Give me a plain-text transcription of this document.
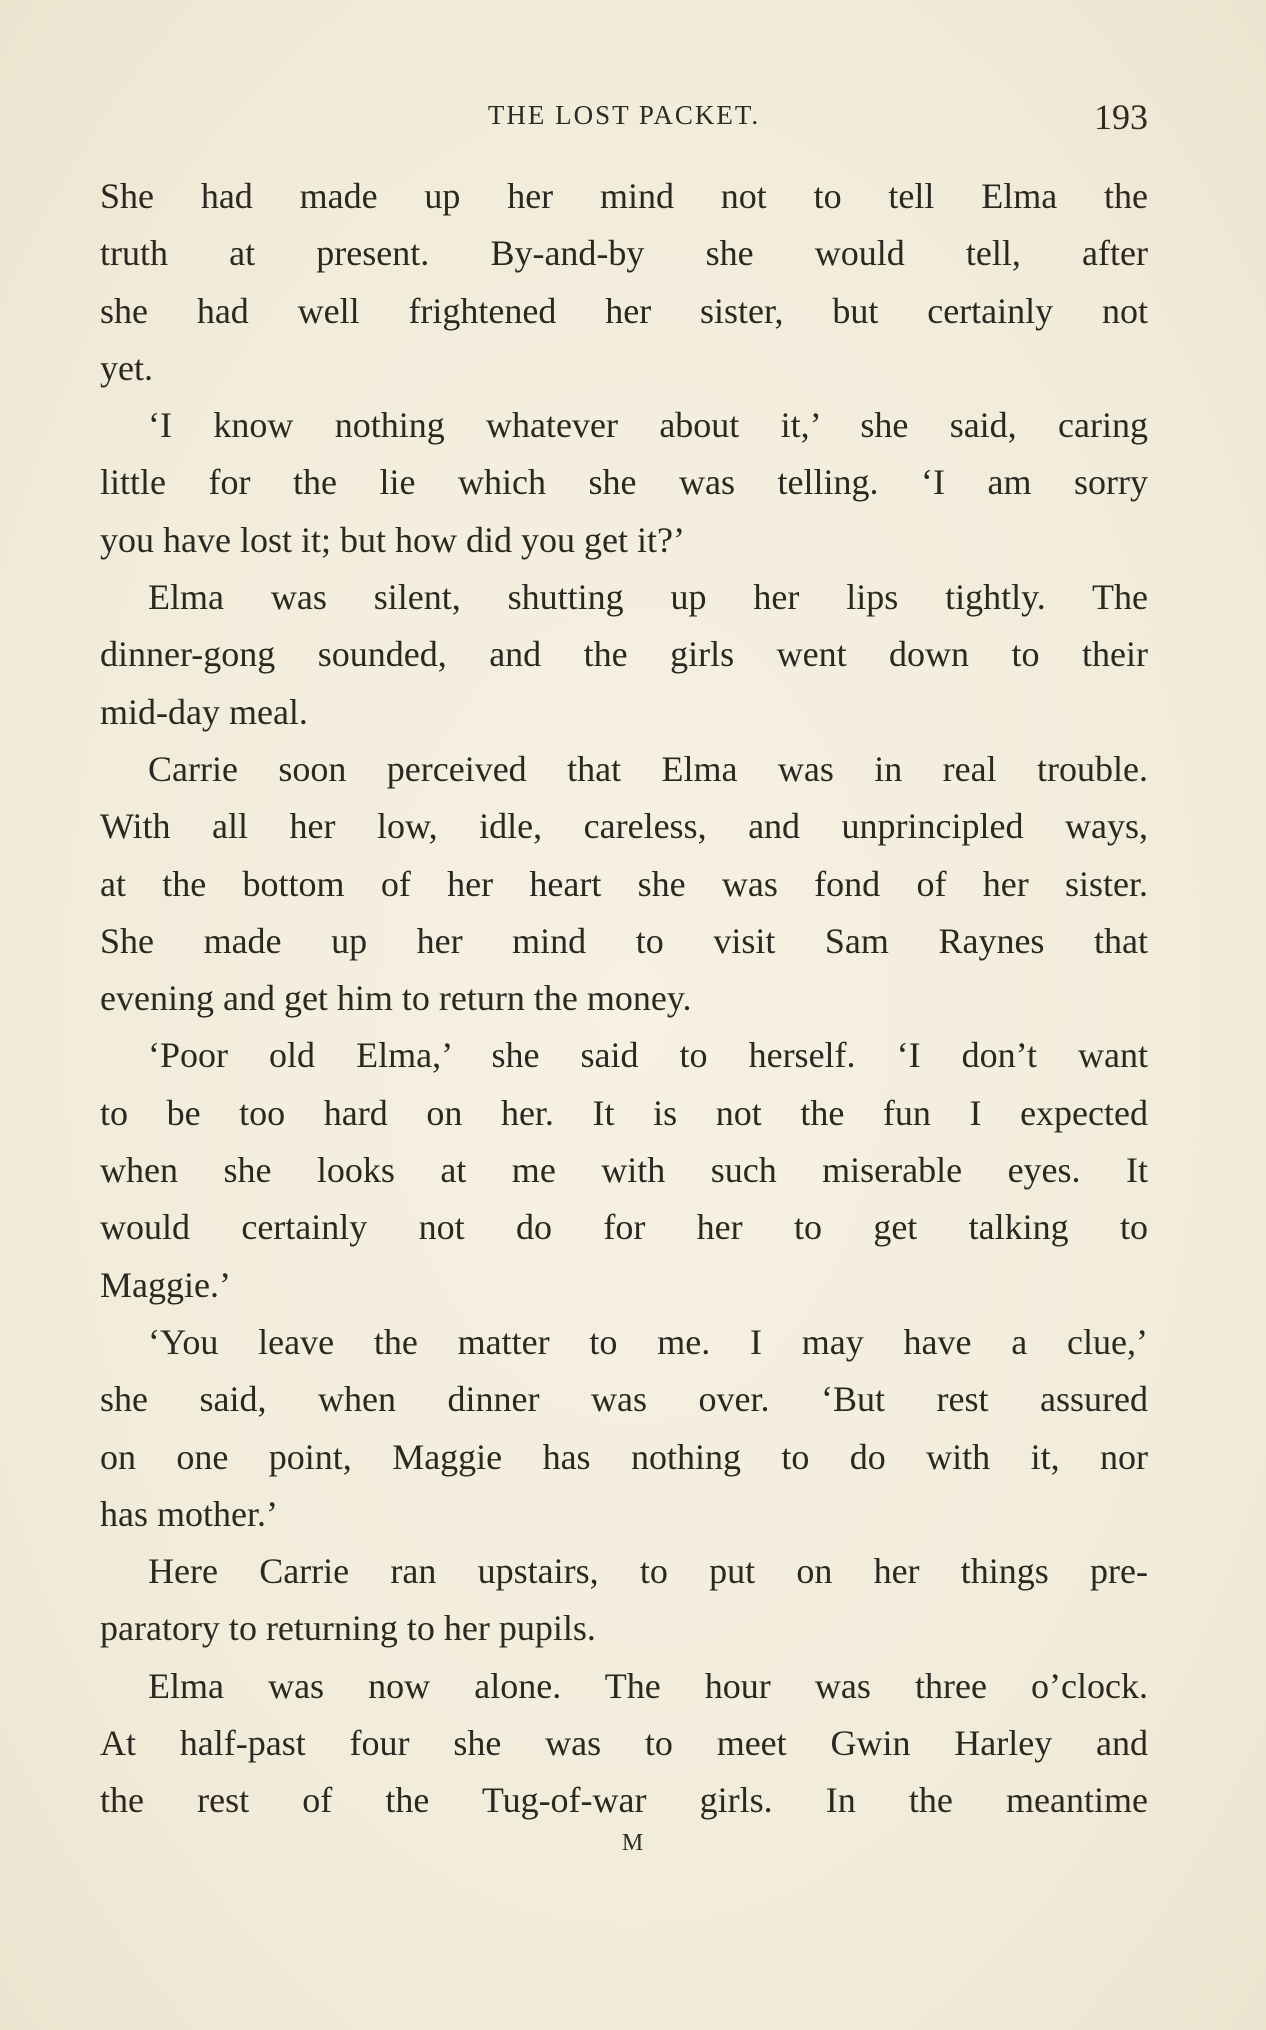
THE LOST PACKET.	193
She had made up her mind not to tell Elma the
truth at present. By-and-by she would tell, after
she had well frightened her sister, but certainly not
yet.
‘I know nothing whatever about it,’ she said, caring
little for the lie which she was telling. ‘I am sorry
you have lost it; but how did you get it?’
Elma was silent, shutting up her lips tightly. The
dinner-gong sounded, and the girls went down to their
mid-day meal.
Carrie soon perceived that Elma was in real trouble.
With all her low, idle, careless, and unprincipled ways,
at the bottom of her heart she was fond of her sister.
She made up her mind to visit Sam Raynes that
evening and get him to return the money.
‘Poor old Elma,’ she said to herself. ‘I don’t want
to be too hard on her. It is not the fun I expected
when she looks at me with such miserable eyes. It
would certainly not do for her to get talking to
Maggie.’
‘You leave the matter to me. I may have a clue,’
she said, when dinner was over. ‘But rest assured
on one point, Maggie has nothing to do with it, nor
has mother.’
Here Carrie ran upstairs, to put on her things pre-
paratory to returning to her pupils.
Elma was now alone. The hour was three o’clock.
At half-past four she was to meet Gwin Harley and
the rest of the Tug-of-war girls. In the meantime
M
